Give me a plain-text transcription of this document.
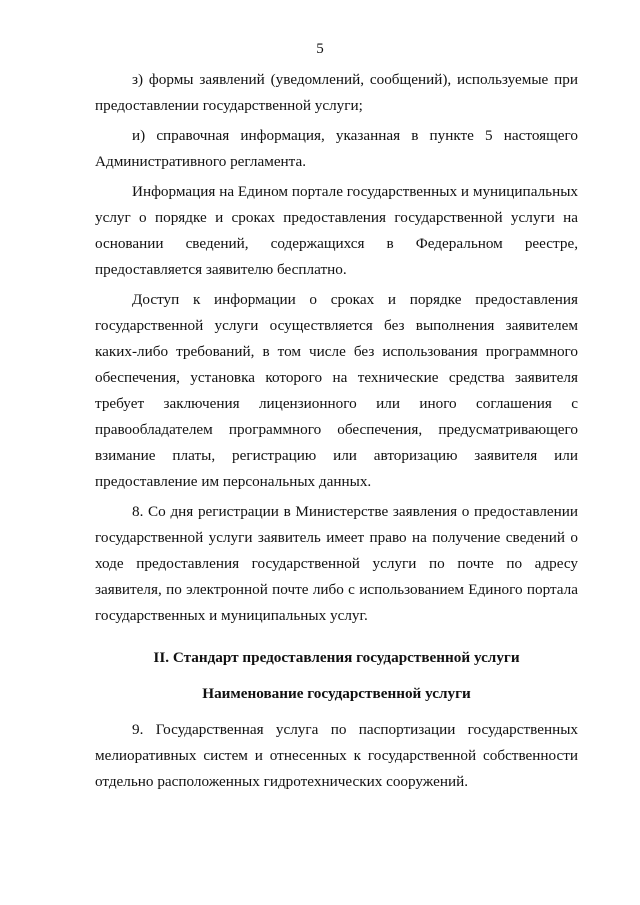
5

з) формы заявлений (уведомлений, сообщений), используемые при предоставлении государственной услуги;

и) справочная информация, указанная в пункте 5 настоящего Административного регламента.

Информация на Едином портале государственных и муниципальных услуг о порядке и сроках предоставления государственной услуги на основании сведений, содержащихся в Федеральном реестре, предоставляется заявителю бесплатно.

Доступ к информации о сроках и порядке предоставления государственной услуги осуществляется без выполнения заявителем каких-либо требований, в том числе без использования программного обеспечения, установка которого на технические средства заявителя требует заключения лицензионного или иного соглашения с правообладателем программного обеспечения, предусматривающего взимание платы, регистрацию или авторизацию заявителя или предоставление им персональных данных.

8. Со дня регистрации в Министерстве заявления о предоставлении государственной услуги заявитель имеет право на получение сведений о ходе предоставления государственной услуги по почте по адресу заявителя, по электронной почте либо с использованием Единого портала государственных и муниципальных услуг.

II. Стандарт предоставления государственной услуги

Наименование государственной услуги

9. Государственная услуга по паспортизации государственных мелиоративных систем и отнесенных к государственной собственности отдельно расположенных гидротехнических сооружений.
